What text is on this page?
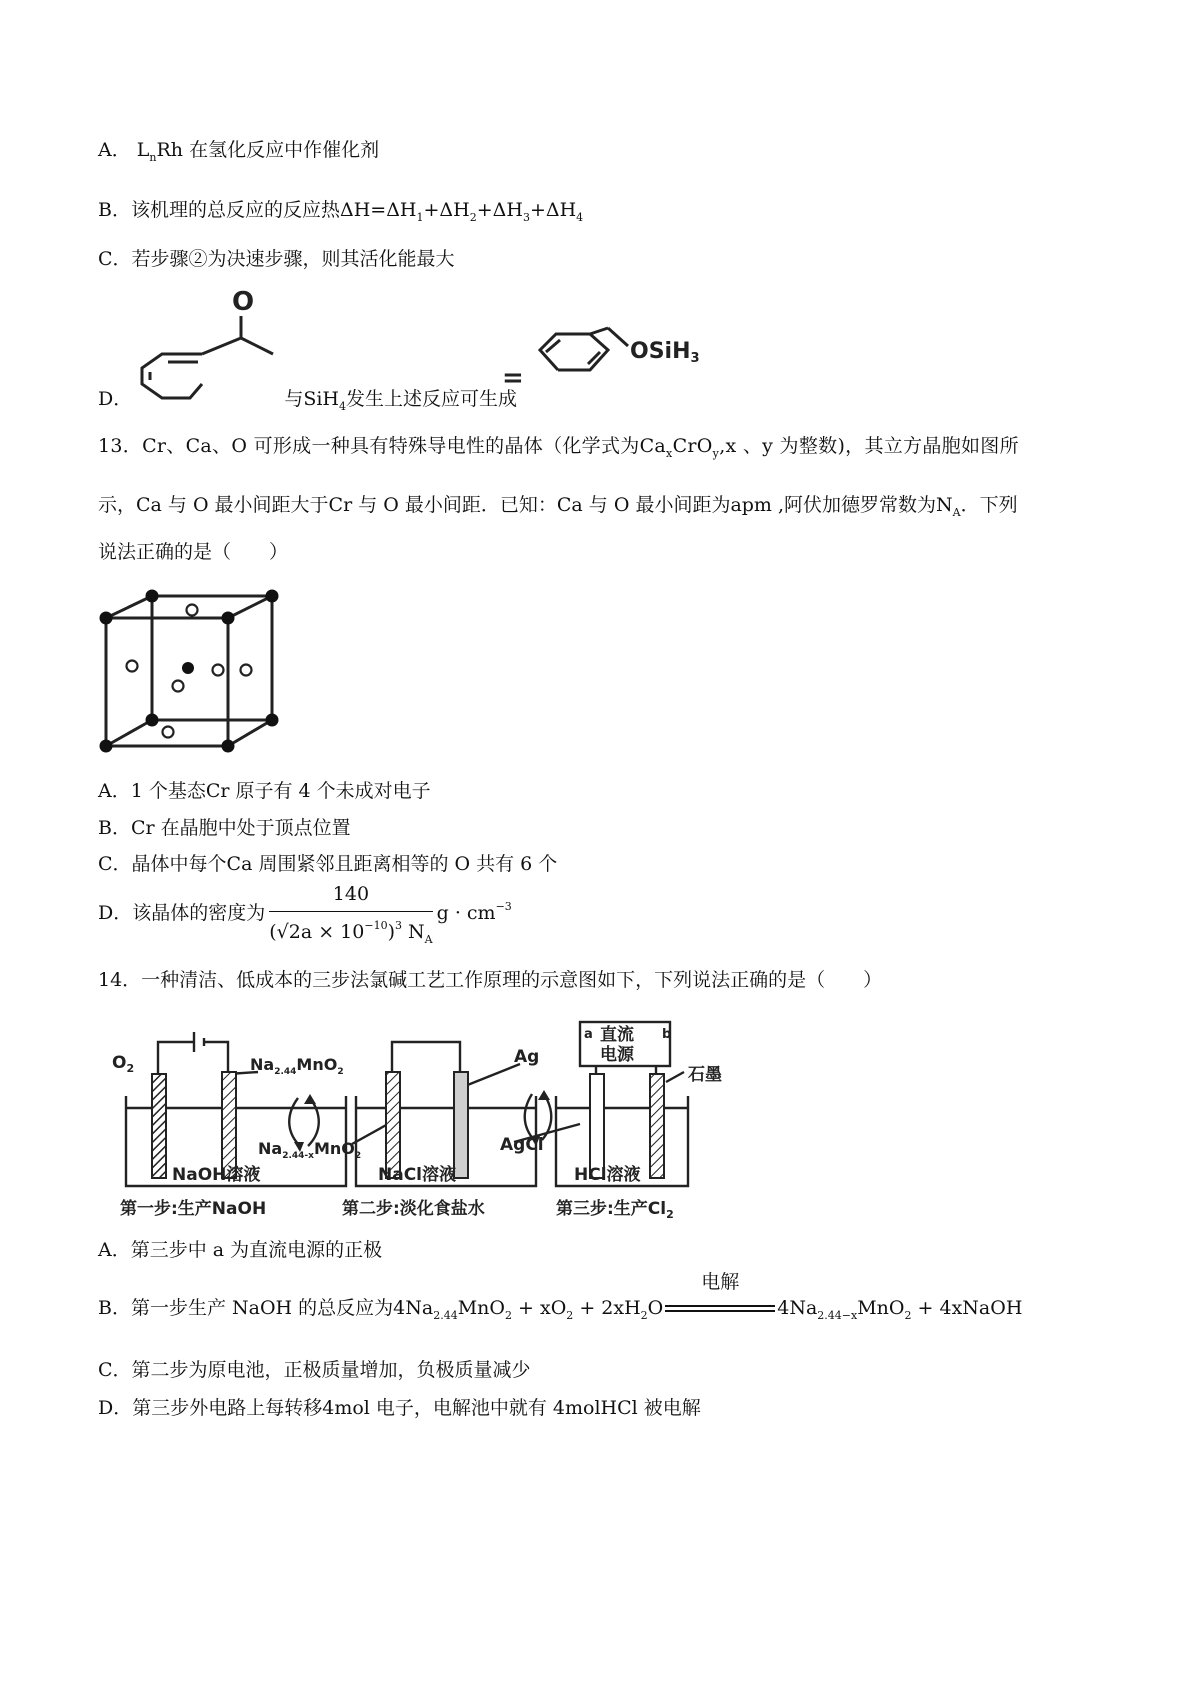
A． $L_nRh$ 在氢化反应中作催化剂
B．该机理的总反应的反应热$\Delta H=\Delta H_1+\Delta H_2+\Delta H_3+\Delta H_4$
C．若步骤②为决速步骤，则其活化能最大
O
=
OSiH3
D．	与SiH$_4$发生上述反应可生成
13．Cr、Ca、O 可形成一种具有特殊导电性的晶体（化学式为$Ca_xCrO_y,x$ 、y 为整数)，其立方晶胞如图所
示，Ca 与 O 最小间距大于Cr 与 O 最小间距．已知：Ca 与 O 最小间距为apm ,阿伏加德罗常数为$N_A$．下列
说法正确的是（　　）
A．1 个基态Cr 原子有 4 个未成对电子
B．Cr 在晶胞中处于顶点位置
C．晶体中每个Ca 周围紧邻且距离相等的 O 共有 6 个
D．该晶体的密度为 $\frac{140}{(√2a \times 10^{-10})^3 N_A}$ $g \cdot cm^{-3}$
14．一种清洁、低成本的三步法氯碱工艺工作原理的示意图如下，下列说法正确的是（　　）
$O_2$	$Na_{2.44}MnO_2$
$Na_{2.44-x}MnO_2$
NaOH溶液
第一步:生产NaOH
Ag
AgCl
NaCl溶液
第二步:淡化食盐水
a	b
直流
电源
石墨
HCl溶液
第三步:生产$Cl_2$
A．第三步中 a 为直流电源的正极
B．第一步生产 NaOH 的总反应为$4Na_{2.44}MnO_2 + xO_2 + 2xH_2O$
电解
$4Na_{2.44-x}MnO_2$ + 4xNaOH
C．第二步为原电池，正极质量增加，负极质量减少
D．第三步外电路上每转移4mol 电子，电解池中就有 4molHCl 被电解
